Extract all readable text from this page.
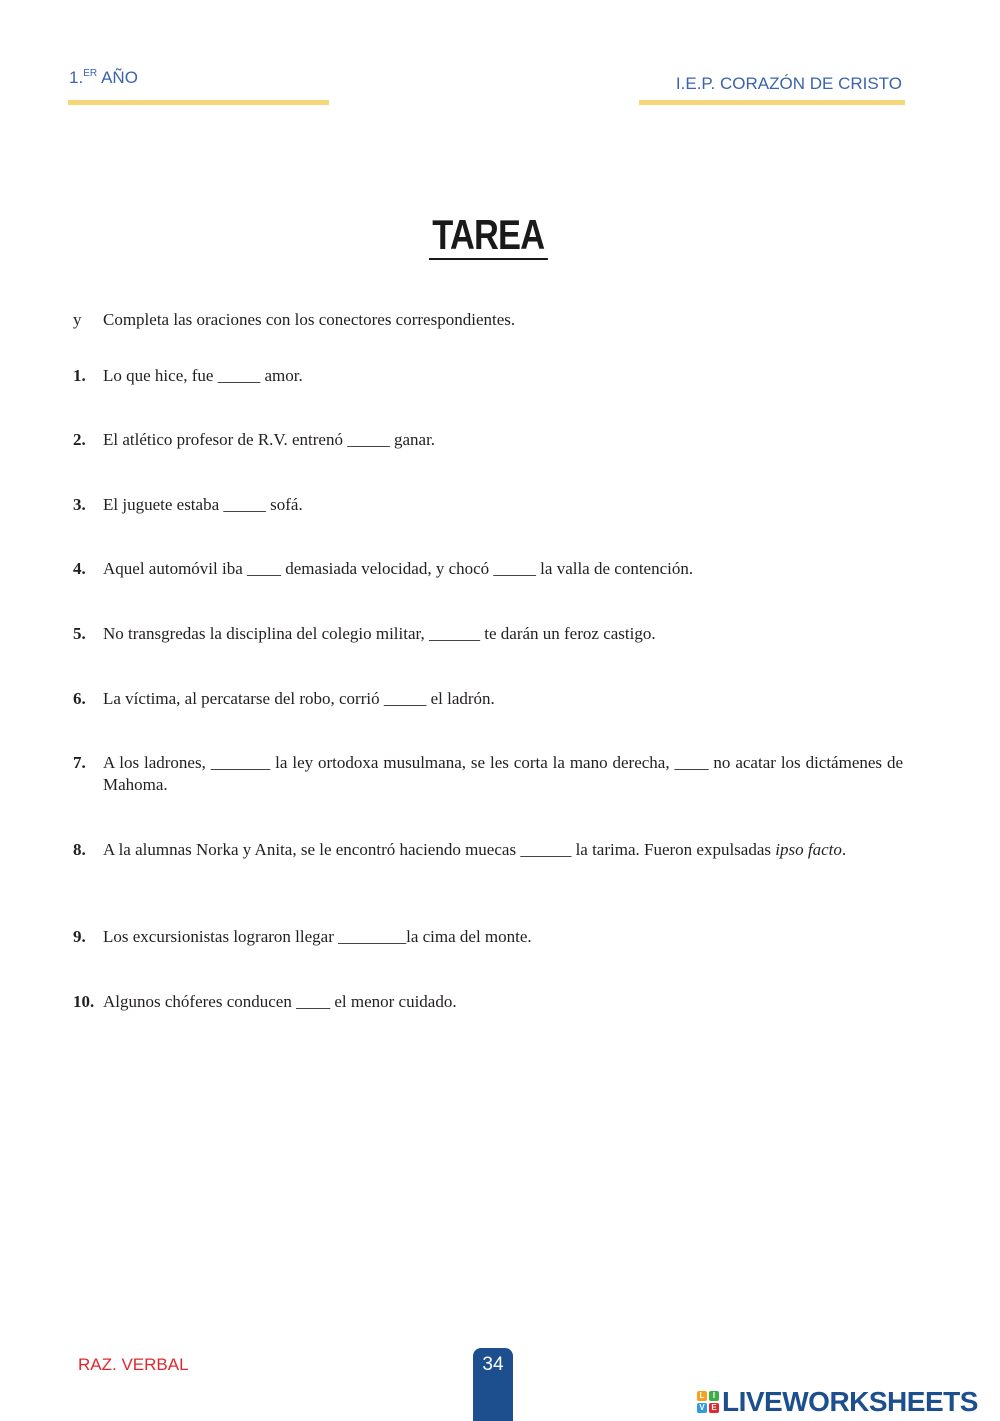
1.$^{ER}$ AÑO	I.E.P. CORAZÓN DE CRISTO
TAREA
y Completa las oraciones con los conectores correspondientes.
1. Lo que hice, fue _____ amor.
2. El atlético profesor de R.V. entrenó _____ ganar.
3. El juguete estaba _____ sofá.
4. Aquel automóvil iba ____ demasiada velocidad, y chocó _____ la valla de contención.
5. No transgredas la disciplina del colegio militar, ______ te darán un feroz castigo.
6. La víctima, al percatarse del robo, corrió _____ el ladrón.
7. A los ladrones, _______ la ley ortodoxa musulmana, se les corta la mano derecha, ____ no acatar los dictámenes de Mahoma.
8. A la alumnas Norka y Anita, se le encontró haciendo muecas ______ la tarima. Fueron expulsadas ipso facto.
9. Los excursionistas lograron llegar ________la cima del monte.
10. Algunos chóferes conducen ____ el menor cuidado.
RAZ. VERBAL	34
L	I
V E LIVEWORKSHEETS
